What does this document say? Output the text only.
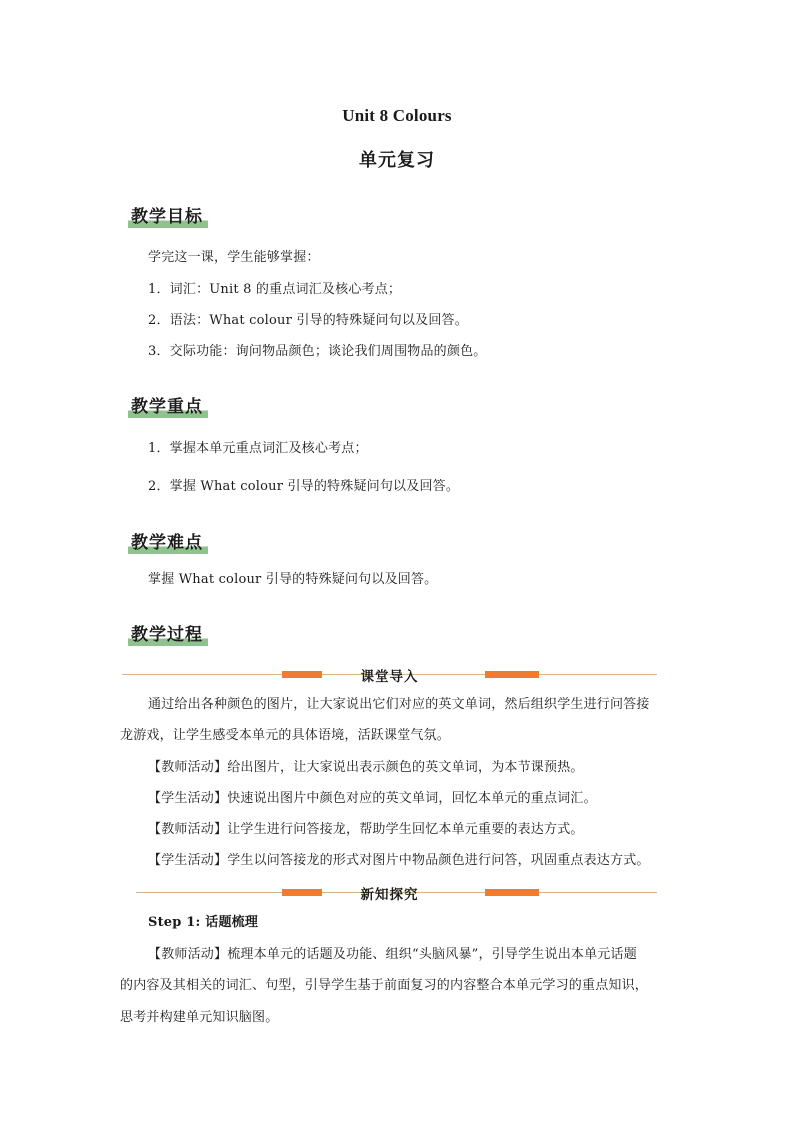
Unit 8 Colours
单元复习
教学目标
学完这一课，学生能够掌握：
1．词汇：Unit 8 的重点词汇及核心考点；
2．语法：What colour 引导的特殊疑问句以及回答。
3．交际功能：询问物品颜色；谈论我们周围物品的颜色。
教学重点
1．掌握本单元重点词汇及核心考点；
2．掌握 What colour 引导的特殊疑问句以及回答。
教学难点
掌握 What colour 引导的特殊疑问句以及回答。
教学过程
课堂导入
通过给出各种颜色的图片，让大家说出它们对应的英文单词，然后组织学生进行问答接
龙游戏，让学生感受本单元的具体语境，活跃课堂气氛。
【教师活动】给出图片，让大家说出表示颜色的英文单词，为本节课预热。
【学生活动】快速说出图片中颜色对应的英文单词，回忆本单元的重点词汇。
【教师活动】让学生进行问答接龙，帮助学生回忆本单元重要的表达方式。
【学生活动】学生以问答接龙的形式对图片中物品颜色进行问答，巩固重点表达方式。
新知探究
Step 1: 话题梳理
【教师活动】梳理本单元的话题及功能、组织“头脑风暴”，引导学生说出本单元话题
的内容及其相关的词汇、句型，引导学生基于前面复习的内容整合本单元学习的重点知识，
思考并构建单元知识脑图。
